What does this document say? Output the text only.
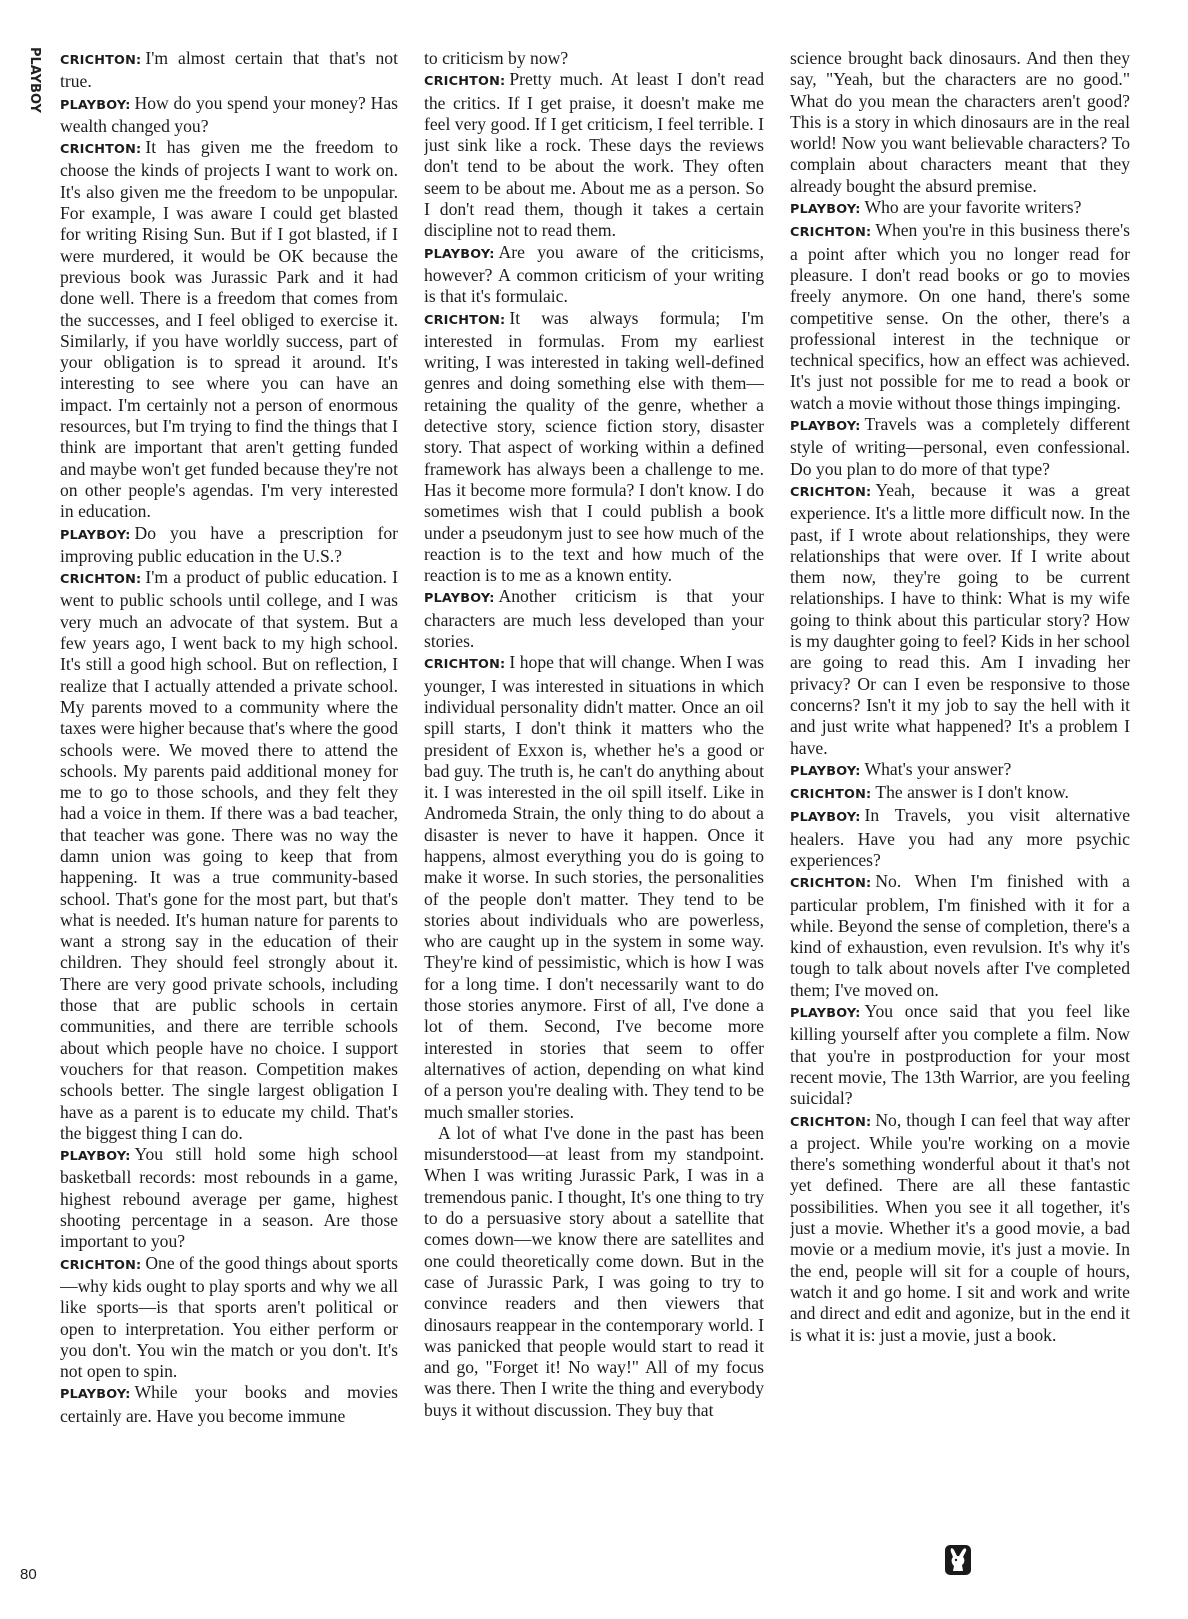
PLAYBOY CRICHTON: I'm almost certain that that's not true.

PLAYBOY: How do you spend your money? Has wealth changed you?

CRICHTON: It has given me the freedom to choose the kinds of projects I want to work on. It's also given me the freedom to be unpopular. For example, I was aware I could get blasted for writing Rising Sun. But if I got blasted, if I were murdered, it would be OK because the previous book was Jurassic Park and it had done well. There is a freedom that comes from the successes, and I feel obliged to exercise it. Similarly, if you have worldly success, part of your obligation is to spread it around. It's interesting to see where you can have an impact. I'm certainly not a person of enormous resources, but I'm trying to find the things that I think are important that aren't getting funded and maybe won't get funded because they're not on other people's agendas. I'm very interested in education.

PLAYBOY: Do you have a prescription for improving public education in the U.S.?

CRICHTON: I'm a product of public education. I went to public schools until college, and I was very much an advocate of that system. But a few years ago, I went back to my high school. It's still a good high school. But on reflection, I realize that I actually attended a private school. My parents moved to a community where the taxes were higher because that's where the good schools were. We moved there to attend the schools. My parents paid additional money for me to go to those schools, and they felt they had a voice in them. If there was a bad teacher, that teacher was gone. There was no way the damn union was going to keep that from happening. It was a true community-based school. That's gone for the most part, but that's what is needed. It's human nature for parents to want a strong say in the education of their children. They should feel strongly about it. There are very good private schools, including those that are public schools in certain communities, and there are terrible schools about which people have no choice. I support vouchers for that reason. Competition makes schools better. The single largest obligation I have as a parent is to educate my child. That's the biggest thing I can do.

PLAYBOY: You still hold some high school basketball records: most rebounds in a game, highest rebound average per game, highest shooting percentage in a season. Are those important to you?

CRICHTON: One of the good things about sports—why kids ought to play sports and why we all like sports—is that sports aren't political or open to interpretation. You either perform or you don't. You win the match or you don't. It's not open to spin.

PLAYBOY: While your books and movies certainly are. Have you become immune

to criticism by now?

CRICHTON: Pretty much. At least I don't read the critics. If I get praise, it doesn't make me feel very good. If I get criticism, I feel terrible. I just sink like a rock. These days the reviews don't tend to be about the work. They often seem to be about me. About me as a person. So I don't read them, though it takes a certain discipline not to read them.

PLAYBOY: Are you aware of the criticisms, however? A common criticism of your writing is that it's formulaic.

CRICHTON: It was always formula; I'm interested in formulas. From my earliest writing, I was interested in taking well-defined genres and doing something else with them—retaining the quality of the genre, whether a detective story, science fiction story, disaster story. That aspect of working within a defined framework has always been a challenge to me. Has it become more formula? I don't know. I do sometimes wish that I could publish a book under a pseudonym just to see how much of the reaction is to the text and how much of the reaction is to me as a known entity.

PLAYBOY: Another criticism is that your characters are much less developed than your stories.

CRICHTON: I hope that will change. When I was younger, I was interested in situations in which individual personality didn't matter. Once an oil spill starts, I don't think it matters who the president of Exxon is, whether he's a good or bad guy. The truth is, he can't do anything about it. I was interested in the oil spill itself. Like in Andromeda Strain, the only thing to do about a disaster is never to have it happen. Once it happens, almost everything you do is going to make it worse. In such stories, the personalities of the people don't matter. They tend to be stories about individuals who are powerless, who are caught up in the system in some way. They're kind of pessimistic, which is how I was for a long time. I don't necessarily want to do those stories anymore. First of all, I've done a lot of them. Second, I've become more interested in stories that seem to offer alternatives of action, depending on what kind of a person you're dealing with. They tend to be much smaller stories.

A lot of what I've done in the past has been misunderstood—at least from my standpoint. When I was writing Jurassic Park, I was in a tremendous panic. I thought, It's one thing to try to do a persuasive story about a satellite that comes down—we know there are satellites and one could theoretically come down. But in the case of Jurassic Park, I was going to try to convince readers and then viewers that dinosaurs reappear in the contemporary world. I was panicked that people would start to read it and go, "Forget it! No way!" All of my focus was there. Then I write the thing and everybody buys it without discussion. They buy that

science brought back dinosaurs. And then they say, "Yeah, but the characters are no good." What do you mean the characters aren't good? This is a story in which dinosaurs are in the real world! Now you want believable characters? To complain about characters meant that they already bought the absurd premise.

PLAYBOY: Who are your favorite writers?

CRICHTON: When you're in this business there's a point after which you no longer read for pleasure. I don't read books or go to movies freely anymore. On one hand, there's some competitive sense. On the other, there's a professional interest in the technique or technical specifics, how an effect was achieved. It's just not possible for me to read a book or watch a movie without those things impinging.

PLAYBOY: Travels was a completely different style of writing—personal, even confessional. Do you plan to do more of that type?

CRICHTON: Yeah, because it was a great experience. It's a little more difficult now. In the past, if I wrote about relationships, they were relationships that were over. If I write about them now, they're going to be current relationships. I have to think: What is my wife going to think about this particular story? How is my daughter going to feel? Kids in her school are going to read this. Am I invading her privacy? Or can I even be responsive to those concerns? Isn't it my job to say the hell with it and just write what happened? It's a problem I have.

PLAYBOY: What's your answer?

CRICHTON: The answer is I don't know.

PLAYBOY: In Travels, you visit alternative healers. Have you had any more psychic experiences?

CRICHTON: No. When I'm finished with a particular problem, I'm finished with it for a while. Beyond the sense of completion, there's a kind of exhaustion, even revulsion. It's why it's tough to talk about novels after I've completed them; I've moved on.

PLAYBOY: You once said that you feel like killing yourself after you complete a film. Now that you're in postproduction for your most recent movie, The 13th Warrior, are you feeling suicidal?

CRICHTON: No, though I can feel that way after a project. While you're working on a movie there's something wonderful about it that's not yet defined. There are all these fantastic possibilities. When you see it all together, it's just a movie. Whether it's a good movie, a bad movie or a medium movie, it's just a movie. In the end, people will sit for a couple of hours, watch it and go home. I sit and work and write and direct and edit and agonize, but in the end it is what it is: just a movie, just a book.

80
